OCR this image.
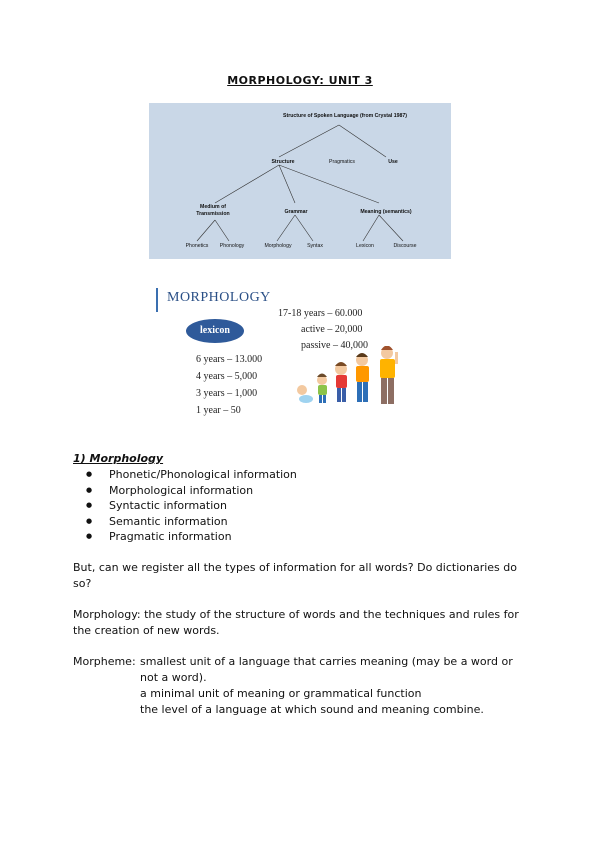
MORPHOLOGY: UNIT 3
Structure of Spoken Language (from Crystal 1987)
Structure	Pragmatics	Use
Medium of Transmission	Grammar	Meaning (semantics)
Phonetics Phonology	Morphology	Syntax	Lexicon	Discourse
MORPHOLOGY
lexicon
17-18 years – 60.000
active – 20,000
passive – 40,000
6 years – 13.000
4 years – 5,000
3 years – 1,000
1 year – 50
1) Morphology
● Phonetic/Phonological information
● Morphological information
● Syntactic information
● Semantic information
● Pragmatic information
But, can we register all the types of information for all words? Do dictionaries do so?
Morphology: the study of the structure of words and the techniques and rules for the creation of new words.
Morpheme: smallest unit of a language that carries meaning (may be a word or
not a word).
a minimal unit of meaning or grammatical function
the level of a language at which sound and meaning combine.
